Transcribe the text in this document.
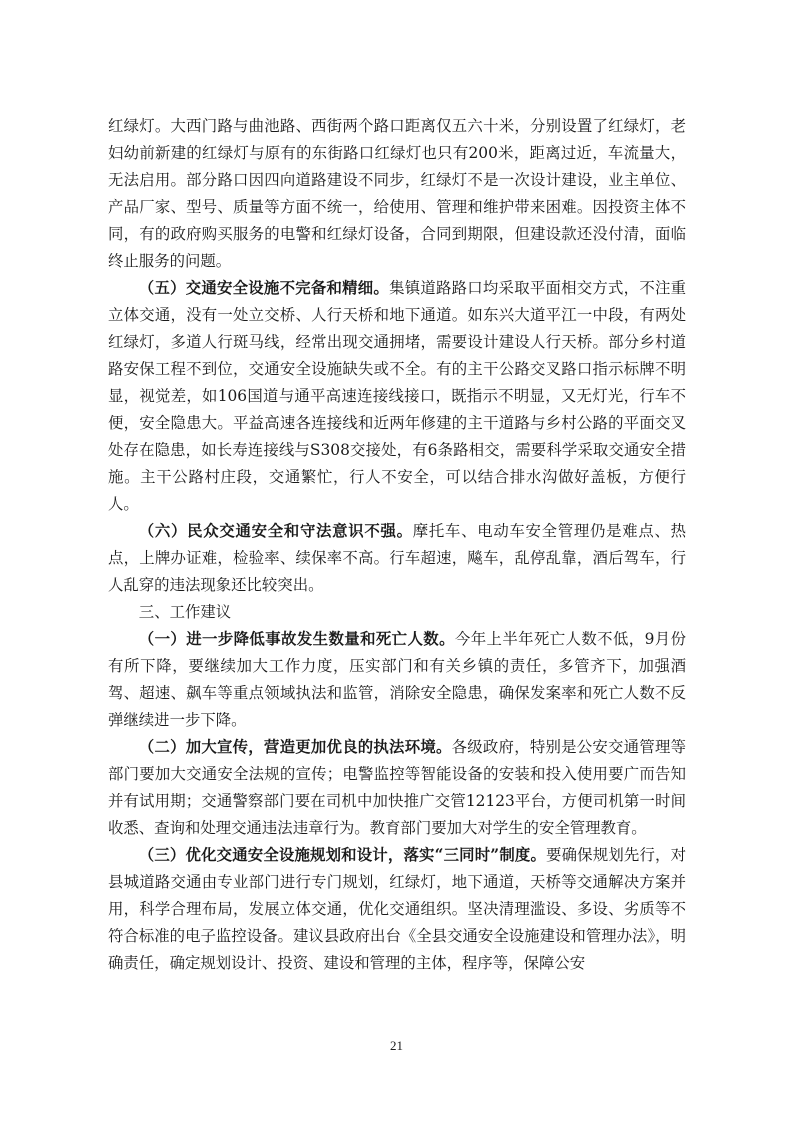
红绿灯。大西门路与曲池路、西街两个路口距离仅五六十米，分别设置了红绿灯，老妇幼前新建的红绿灯与原有的东街路口红绿灯也只有200米，距离过近，车流量大，无法启用。部分路口因四向道路建设不同步，红绿灯不是一次设计建设，业主单位、产品厂家、型号、质量等方面不统一，给使用、管理和维护带来困难。因投资主体不同，有的政府购买服务的电警和红绿灯设备，合同到期限，但建设款还没付清，面临终止服务的问题。

（五）交通安全设施不完备和精细。集镇道路路口均采取平面相交方式，不注重立体交通，没有一处立交桥、人行天桥和地下通道。如东兴大道平江一中段，有两处红绿灯，多道人行斑马线，经常出现交通拥堵，需要设计建设人行天桥。部分乡村道路安保工程不到位，交通安全设施缺失或不全。有的主干公路交叉路口指示标牌不明显，视觉差，如106国道与通平高速连接线接口，既指示不明显，又无灯光，行车不便，安全隐患大。平益高速各连接线和近两年修建的主干道路与乡村公路的平面交叉处存在隐患，如长寿连接线与S308交接处，有6条路相交，需要科学采取交通安全措施。主干公路村庄段，交通繁忙，行人不安全，可以结合排水沟做好盖板，方便行人。

（六）民众交通安全和守法意识不强。摩托车、电动车安全管理仍是难点、热点，上牌办证难，检验率、续保率不高。行车超速，飚车，乱停乱靠，酒后驾车，行人乱穿的违法现象还比较突出。

三、工作建议

（一）进一步降低事故发生数量和死亡人数。今年上半年死亡人数不低，9月份有所下降，要继续加大工作力度，压实部门和有关乡镇的责任，多管齐下，加强酒驾、超速、飙车等重点领域执法和监管，消除安全隐患，确保发案率和死亡人数不反弹继续进一步下降。

（二）加大宣传，营造更加优良的执法环境。各级政府，特别是公安交通管理等部门要加大交通安全法规的宣传；电警监控等智能设备的安装和投入使用要广而告知并有试用期；交通警察部门要在司机中加快推广交管12123平台，方便司机第一时间收悉、查询和处理交通违法违章行为。教育部门要加大对学生的安全管理教育。

（三）优化交通安全设施规划和设计，落实“三同时”制度。要确保规划先行，对县城道路交通由专业部门进行专门规划，红绿灯，地下通道，天桥等交通解决方案并用，科学合理布局，发展立体交通，优化交通组织。坚决清理滥设、多设、劣质等不符合标准的电子监控设备。建议县政府出台《全县交通安全设施建设和管理办法》，明确责任，确定规划设计、投资、建设和管理的主体，程序等，保障公安

21
